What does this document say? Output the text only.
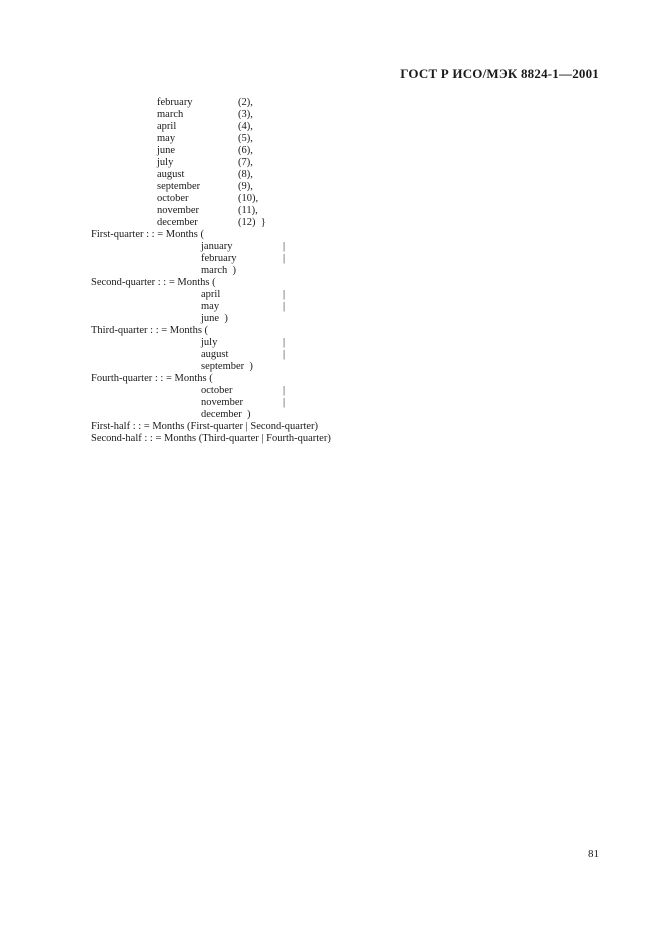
ГОСТ Р ИСО/МЭК 8824-1—2001
february	(2),
march	(3),
april	(4),
may	(5),
june	(6),
july	(7),
august	(8),
september	(9),
october	(10),
november	(11),
december	(12)  }
First-quarter : : = Months (
january	|
february	|
march  )
Second-quarter : : = Months (
april	|
may	|
june  )
Third-quarter : : = Months (
july	|
august	|
september  )
Fourth-quarter : : = Months (
october	|
november	|
december  )
First-half : : = Months (First-quarter | Second-quarter)
Second-half : : = Months (Third-quarter | Fourth-quarter)
81
